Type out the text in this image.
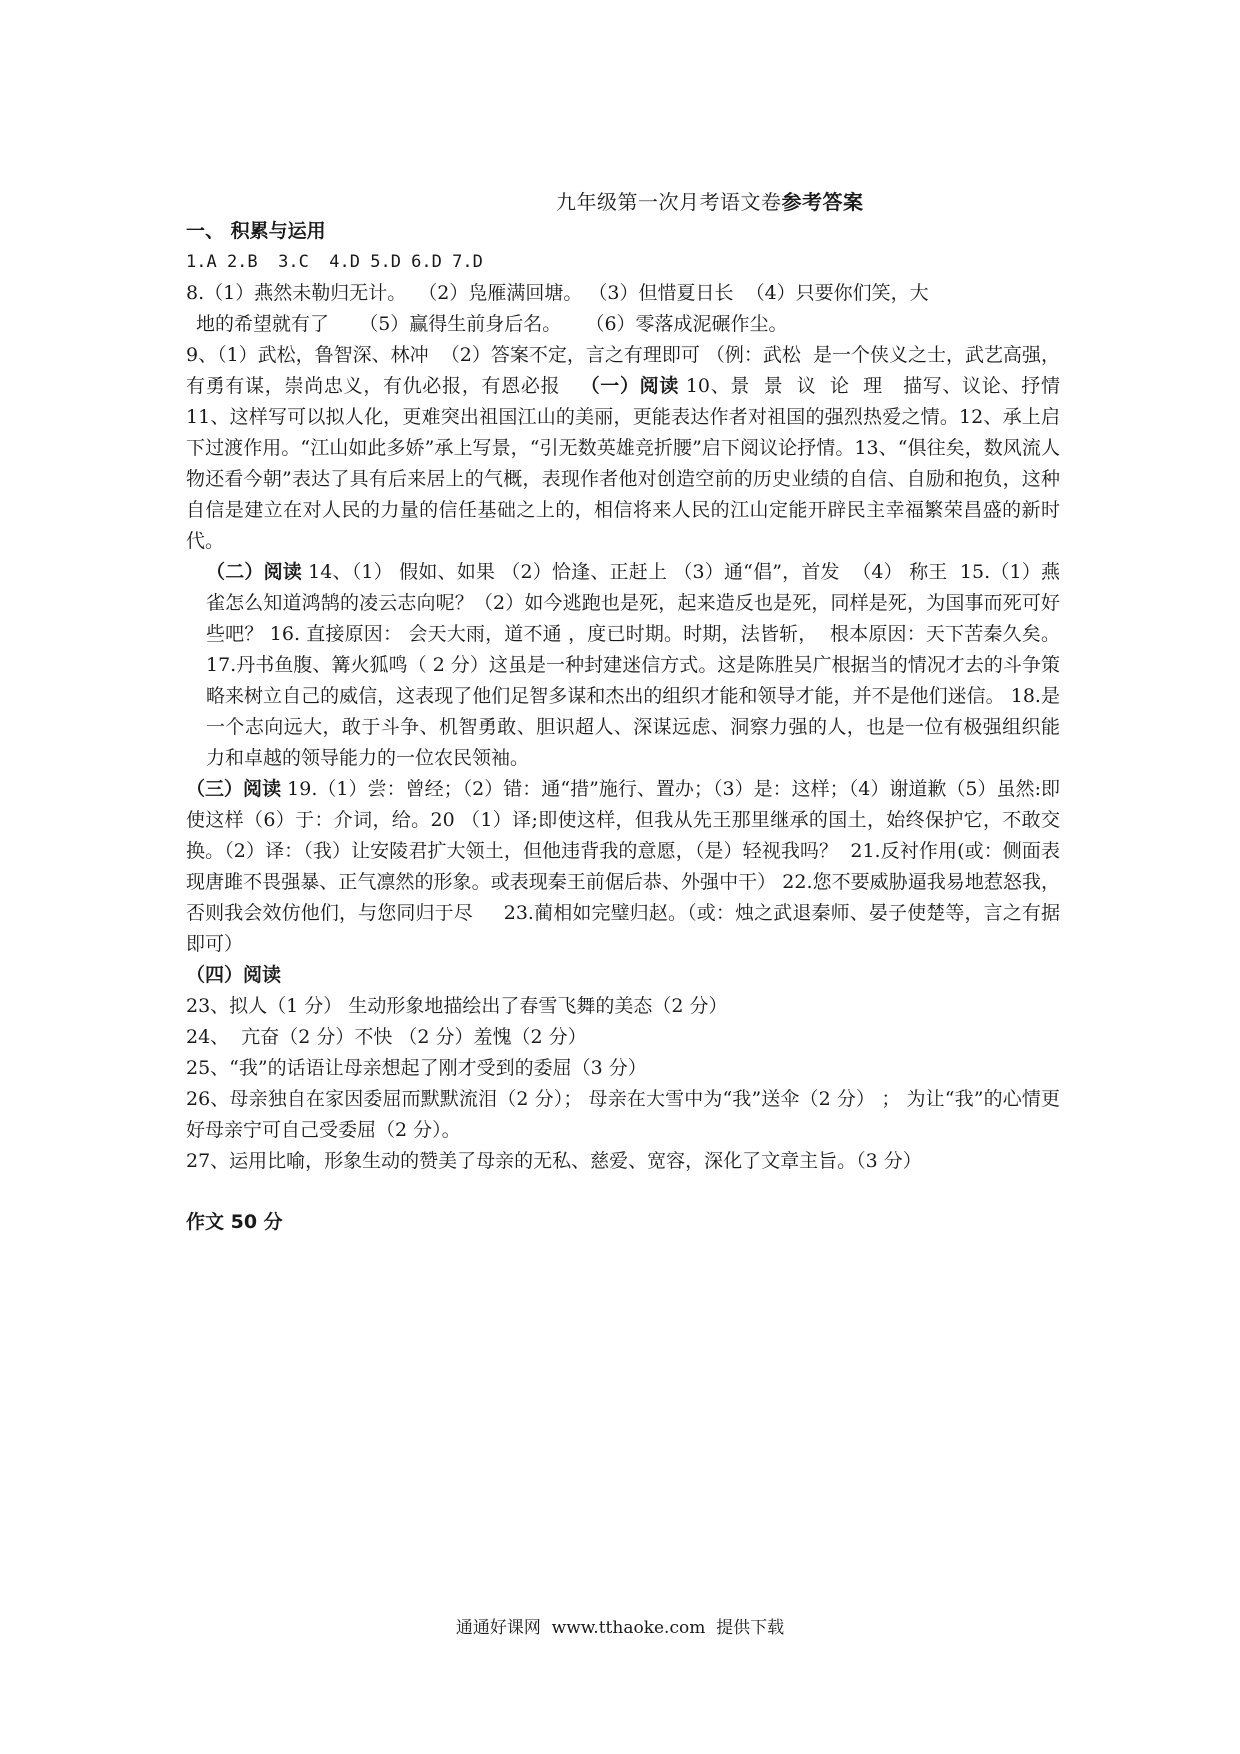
九年级第一次月考语文卷参考答案
一、 积累与运用
1.A 2.B  3.C  4.D 5.D 6.D 7.D
8.（1）燕然未勒归无计。  （2）凫雁满回塘。 （3）但惜夏日长  （4）只要你们笑，大
地的希望就有了     （5）赢得生前身后名。    （6）零落成泥碾作尘。
9、（1）武松，鲁智深、林冲  （2）答案不定，言之有理即可 （例：武松  是一个侠义之士，武艺高强，有勇有谋，崇尚忠义，有仇必报，有恩必报 （一）阅读 10、景  景  议  论  理   描写、议论、抒情   11、这样写可以拟人化，更难突出祖国江山的美丽，更能表达作者对祖国的强烈热爱之情。12、承上启下过渡作用。“江山如此多娇”承上写景，“引无数英雄竞折腰”启下阅议论抒情。13、“俱往矣，数风流人物还看今朝”表达了具有后来居上的气概，表现作者他对创造空前的历史业绩的自信、自励和抱负，这种自信是建立在对人民的力量的信任基础之上的，相信将来人民的江山定能开辟民主幸福繁荣昌盛的新时代。
（二）阅读 14、（1） 假如、如果 （2）恰逢、正赶上 （3）通“倡”，首发  （4） 称王  15.（1）燕雀怎么知道鸿鹄的凌云志向呢？（2）如今逃跑也是死，起来造反也是死，同样是死，为国事而死可好些吧？ 16. 直接原因： 会天大雨，道不通 ，度已时期。时期，法皆斩，  根本原因：天下苦秦久矣。   17.丹书鱼腹、篝火狐鸣（ 2 分）这虽是一种封建迷信方式。这是陈胜吴广根据当的情况才去的斗争策略来树立自己的威信，这表现了他们足智多谋和杰出的组织才能和领导才能，并不是他们迷信。 18.是一个志向远大，敢于斗争、机智勇敢、胆识超人、深谋远虑、洞察力强的人，也是一位有极强组织能力和卓越的领导能力的一位农民领袖。
（三）阅读 19.（1）尝：曾经；（2）错：通“措”施行、置办；（3）是：这样；（4）谢道歉（5）虽然:即使这样（6）于：介词，给。20 （1）译;即使这样，但我从先王那里继承的国土，始终保护它，不敢交换。（2）译：（我）让安陵君扩大领土，但他违背我的意愿，（是）轻视我吗？  21.反衬作用(或：侧面表现唐雎不畏强暴、正气凛然的形象。或表现秦王前倨后恭、外强中干） 22.您不要威胁逼我易地惹怒我，否则我会效仿他们，与您同归于尽     23.蔺相如完璧归赵。（或：烛之武退秦师、晏子使楚等，言之有据即可）
（四）阅读
23、拟人（1 分） 生动形象地描绘出了春雪飞舞的美态（2 分）
24、  亢奋（2 分）不快 （2 分）羞愧（2 分）
25、“我”的话语让母亲想起了刚才受到的委屈（3 分）
26、母亲独自在家因委屈而默默流泪（2 分）； 母亲在大雪中为“我”送伞（2 分） ； 为让“我”的心情更好母亲宁可自己受委屈（2 分）。
27、运用比喻，形象生动的赞美了母亲的无私、慈爱、宽容，深化了文章主旨。（3 分）
作文 50 分
通通好课网  www.tthaoke.com  提供下载
